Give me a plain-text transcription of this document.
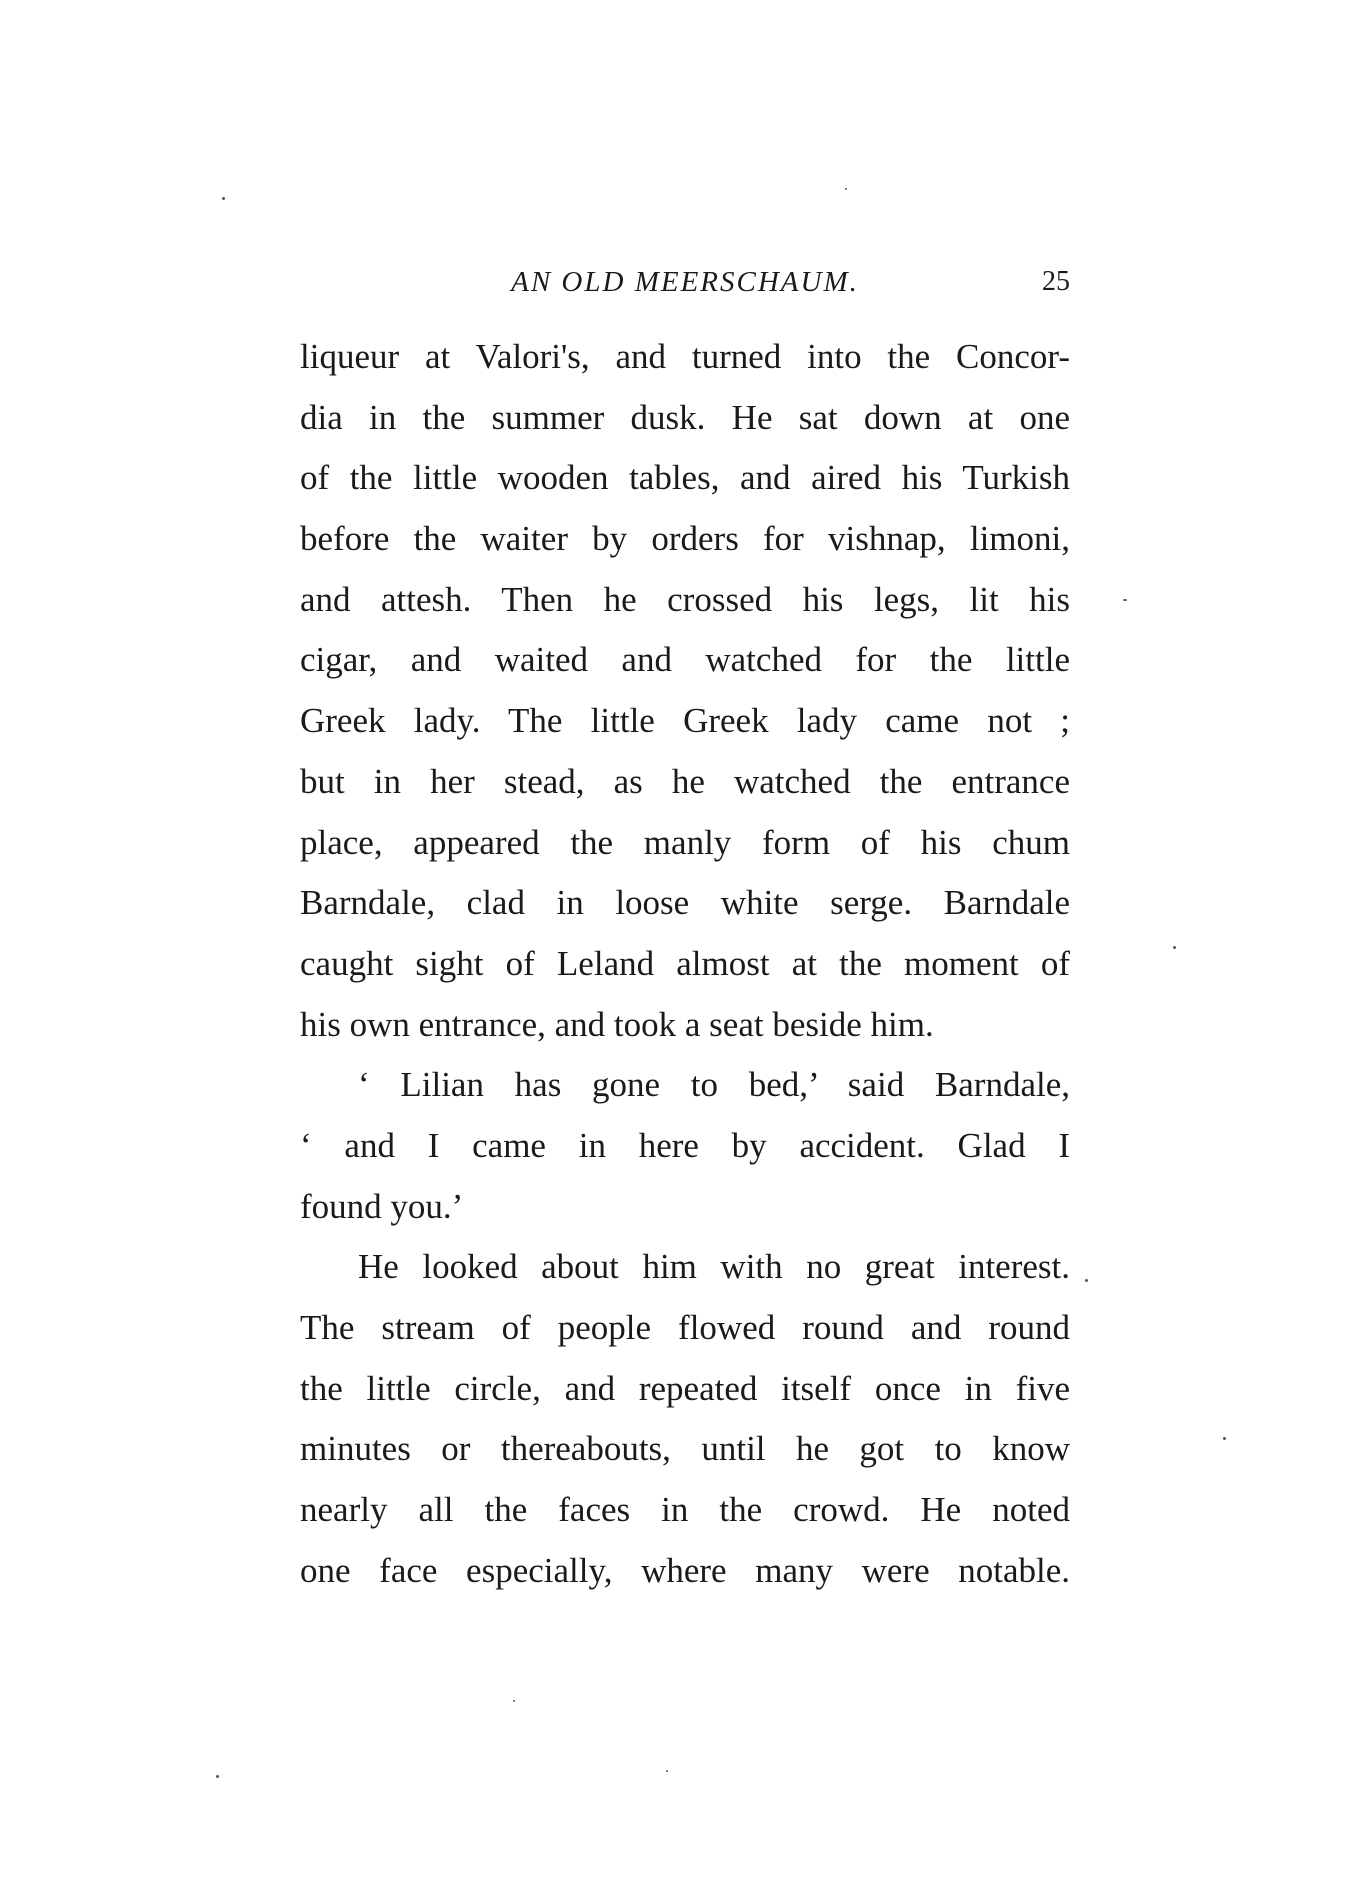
AN OLD MEERSCHAUM.	25
liqueur at Valori's, and turned into the Concor-
dia in the summer dusk. He sat down at one
of the little wooden tables, and aired his Turkish
before the waiter by orders for vishnap, limoni,
and attesh. Then he crossed his legs, lit his
cigar, and waited and watched for the little
Greek lady. The little Greek lady came not ;
but in her stead, as he watched the entrance
place, appeared the manly form of his chum
Barndale, clad in loose white serge. Barndale
caught sight of Leland almost at the moment of
his own entrance, and took a seat beside him.
‘ Lilian has gone to bed,’ said Barndale,
‘ and I came in here by accident. Glad I
found you.’
He looked about him with no great interest.
The stream of people flowed round and round
the little circle, and repeated itself once in five
minutes or thereabouts, until he got to know
nearly all the faces in the crowd. He noted
one face especially, where many were notable.
